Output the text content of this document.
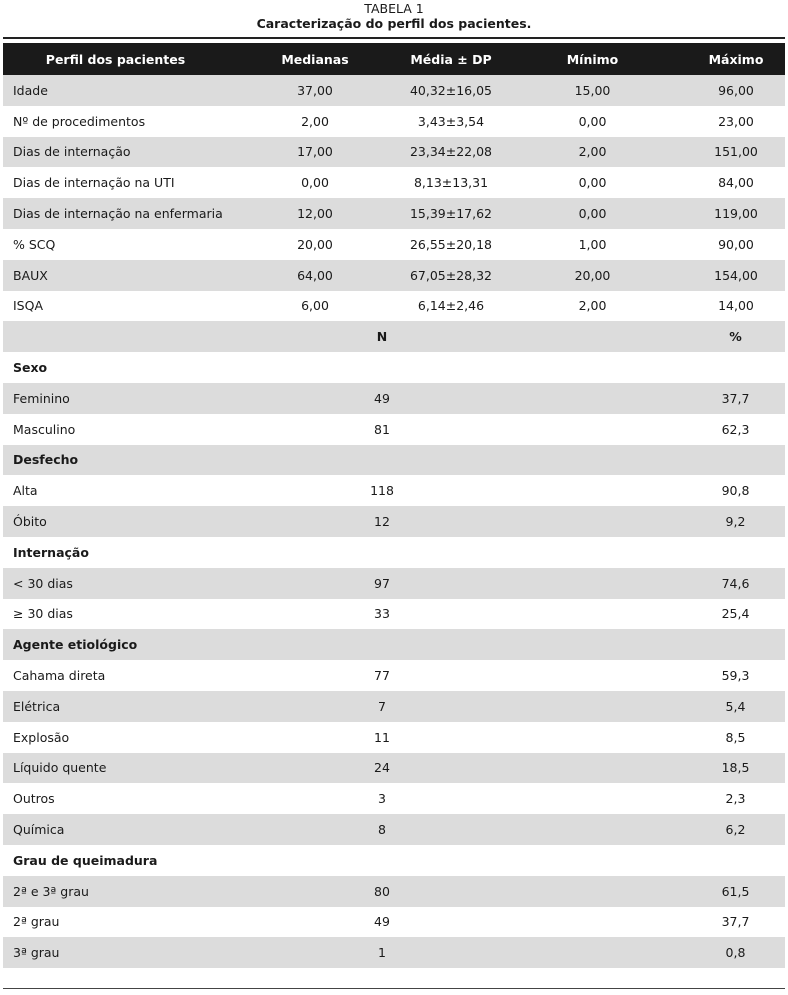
TABELA 1
Caracterização do perfil dos pacientes.
Perfil dos pacientes	Medianas	Média ± DP	Mínimo	Máximo
Idade	37,00	40,32±16,05	15,00	96,00
Nº de procedimentos	2,00	3,43±3,54	0,00	23,00
Dias de internação	17,00	23,34±22,08	2,00	151,00
Dias de internação na UTI	0,00	8,13±13,31	0,00	84,00
Dias de internação na enfermaria	12,00	15,39±17,62	0,00	119,00
% SCQ	20,00	26,55±20,18	1,00	90,00
BAUX	64,00	67,05±28,32	20,00	154,00
ISQA	6,00	6,14±2,46	2,00	14,00
	N		%	
Sexo				
Feminino	49		37,7	
Masculino	81		62,3	
Desfecho				
Alta	118		90,8	
Óbito	12		9,2	
Internação				
< 30 dias	97		74,6	
≥ 30 dias	33		25,4	
Agente etiológico				
Cahama direta	77		59,3	
Elétrica	7		5,4	
Explosão	11		8,5	
Líquido quente	24		18,5	
Outros	3		2,3	
Química	8		6,2	
Grau de queimadura				
2ª e 3ª grau	80		61,5	
2ª grau	49		37,7	
3ª grau	1		0,8	
